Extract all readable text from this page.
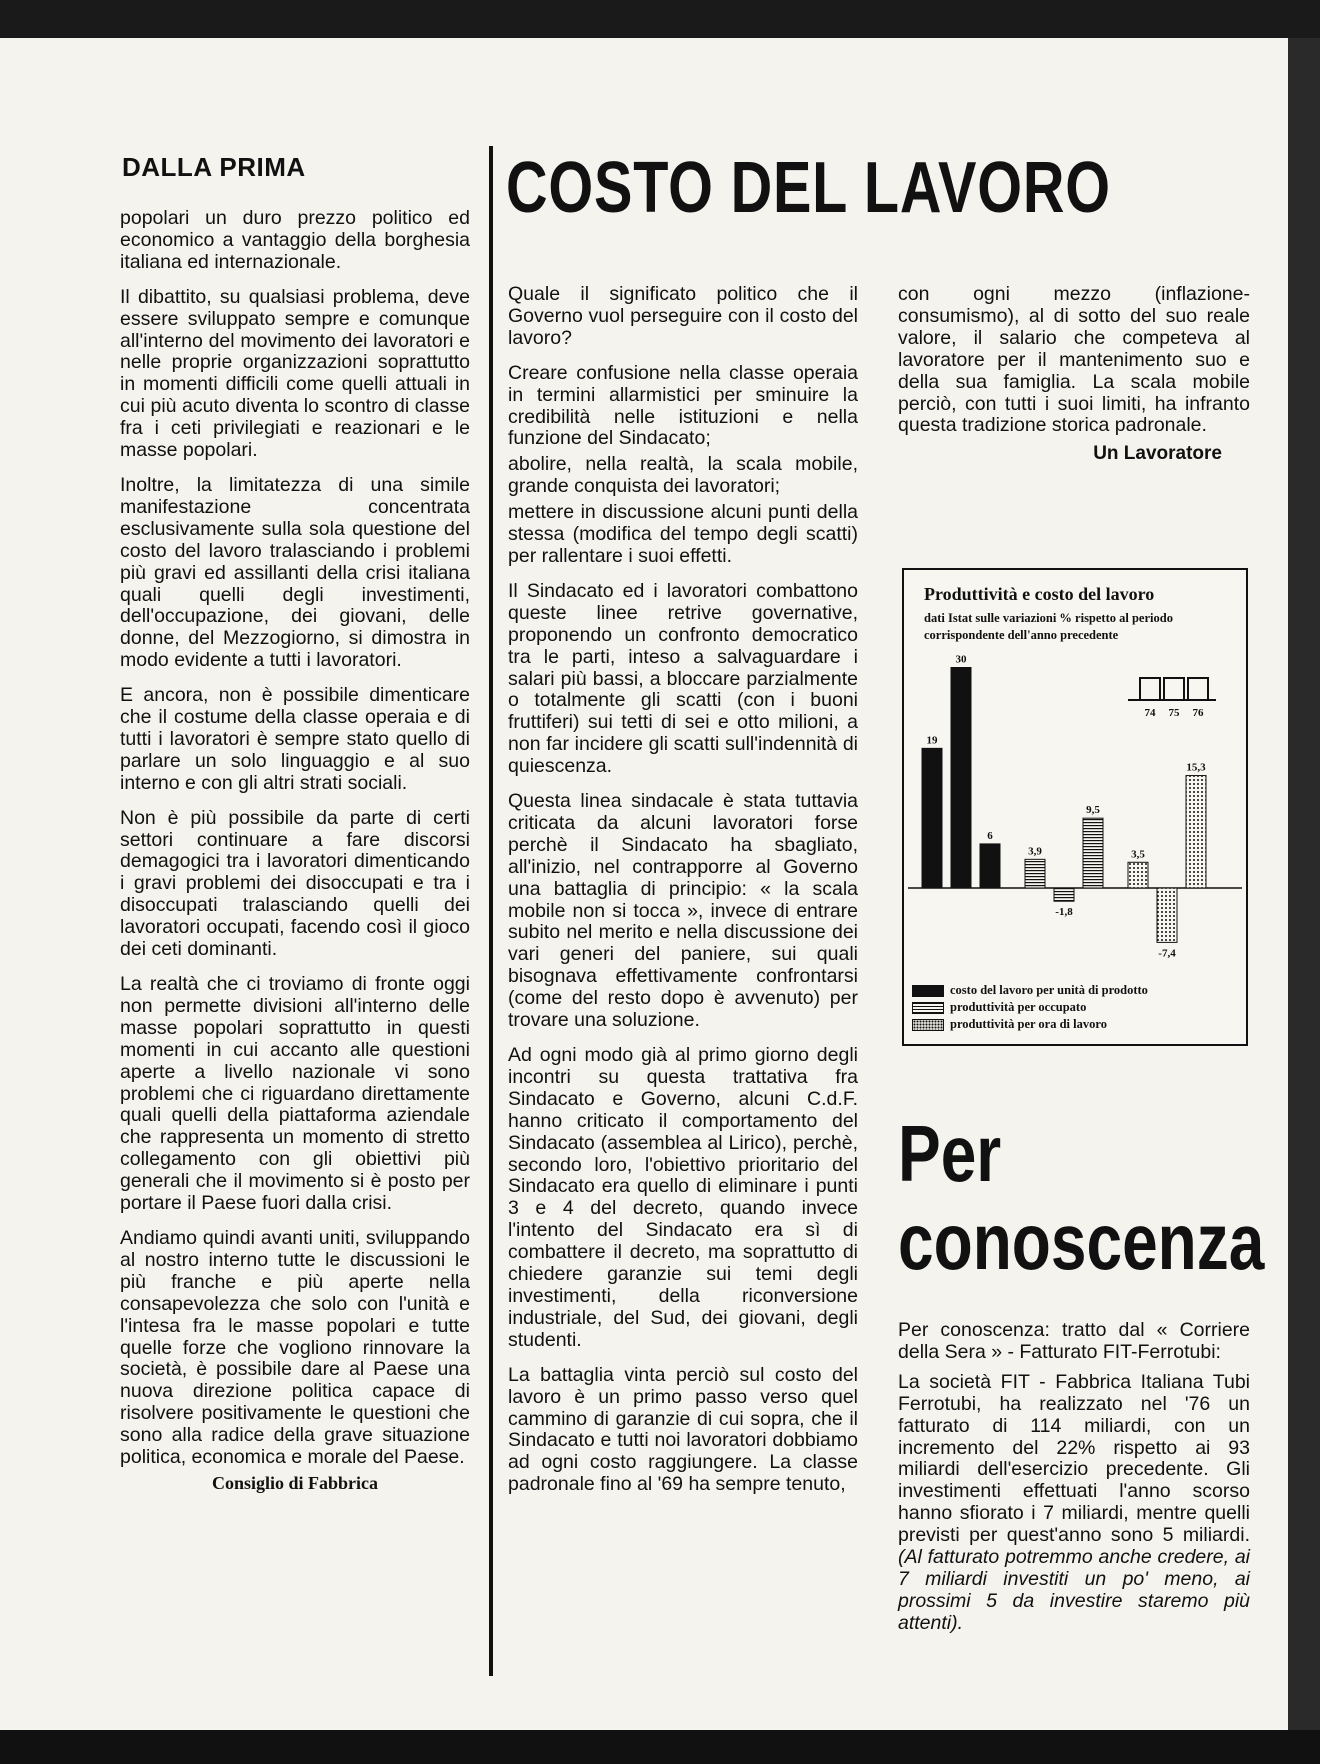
DALLA PRIMA

popolari un duro prezzo politico ed economico a vantaggio della borghesia italiana ed internazionale.

Il dibattito, su qualsiasi problema, deve essere sviluppato sempre e comunque all'interno del movimento dei lavoratori e nelle proprie organizzazioni soprattutto in momenti difficili come quelli attuali in cui più acuto diventa lo scontro di classe fra i ceti privilegiati e reazionari e le masse popolari.

Inoltre, la limitatezza di una simile manifestazione concentrata esclusivamente sulla sola questione del costo del lavoro tralasciando i problemi più gravi ed assillanti della crisi italiana quali quelli degli investimenti, dell'occupazione, dei giovani, delle donne, del Mezzogiorno, si dimostra in modo evidente a tutti i lavoratori.

E ancora, non è possibile dimenticare che il costume della classe operaia e di tutti i lavoratori è sempre stato quello di parlare un solo linguaggio e al suo interno e con gli altri strati sociali.

Non è più possibile da parte di certi settori continuare a fare discorsi demagogici tra i lavoratori dimenticando i gravi problemi dei disoccupati e tra i disoccupati tralasciando quelli dei lavoratori occupati, facendo così il gioco dei ceti dominanti.

La realtà che ci troviamo di fronte oggi non permette divisioni all'interno delle masse popolari soprattutto in questi momenti in cui accanto alle questioni aperte a livello nazionale vi sono problemi che ci riguardano direttamente quali quelli della piattaforma aziendale che rappresenta un momento di stretto collegamento con gli obiettivi più generali che il movimento si è posto per portare il Paese fuori dalla crisi.

Andiamo quindi avanti uniti, sviluppando al nostro interno tutte le discussioni le più franche e più aperte nella consapevolezza che solo con l'unità e l'intesa fra le masse popolari e tutte quelle forze che vogliono rinnovare la società, è possibile dare al Paese una nuova direzione politica capace di risolvere positivamente le questioni che sono alla radice della grave situazione politica, economica e morale del Paese.

Consiglio di Fabbrica
COSTO DEL LAVORO

Quale il significato politico che il Governo vuol perseguire con il costo del lavoro?

Creare confusione nella classe operaia in termini allarmistici per sminuire la credibilità nelle istituzioni e nella funzione del Sindacato;

abolire, nella realtà, la scala mobile, grande conquista dei lavoratori;

mettere in discussione alcuni punti della stessa (modifica del tempo degli scatti) per rallentare i suoi effetti.

Il Sindacato ed i lavoratori combattono queste linee retrive governative, proponendo un confronto democratico tra le parti, inteso a salvaguardare i salari più bassi, a bloccare parzialmente o totalmente gli scatti (con i buoni fruttiferi) sui tetti di sei e otto milioni, a non far incidere gli scatti sull'indennità di quiescenza.

Questa linea sindacale è stata tuttavia criticata da alcuni lavoratori forse perchè il Sindacato ha sbagliato, all'inizio, nel contrapporre al Governo una battaglia di principio: « la scala mobile non si tocca », invece di entrare subito nel merito e nella discussione dei vari generi del paniere, sui quali bisognava effettivamente confrontarsi (come del resto dopo è avvenuto) per trovare una soluzione.

Ad ogni modo già al primo giorno degli incontri su questa trattativa fra Sindacato e Governo, alcuni C.d.F. hanno criticato il comportamento del Sindacato (assemblea al Lirico), perchè, secondo loro, l'obiettivo prioritario del Sindacato era quello di eliminare i punti 3 e 4 del decreto, quando invece l'intento del Sindacato era sì di combattere il decreto, ma soprattutto di chiedere garanzie sui temi degli investimenti, della riconversione industriale, del Sud, dei giovani, degli studenti.

La battaglia vinta perciò sul costo del lavoro è un primo passo verso quel cammino di garanzie di cui sopra, che il Sindacato e tutti noi lavoratori dobbiamo ad ogni costo raggiungere. La classe padronale fino al '69 ha sempre tenuto,

con ogni mezzo (inflazione-consumismo), al di sotto del suo reale valore, il salario che competeva al lavoratore per il mantenimento suo e della sua famiglia. La scala mobile perciò, con tutti i suoi limiti, ha infranto questa tradizione storica padronale.

Un Lavoratore
Produttività e costo del lavoro
dati Istat sulle variazioni % rispetto al periodo corrispondente dell'anno precedente
19
30
6
3,9
-1,8
9,5
3,5
-7,4
15,3
74 75 76
costo del lavoro per unità di prodotto
produttività per occupato
produttività per ora di lavoro
Per
conoscenza

Per conoscenza: tratto dal « Corriere della Sera » - Fatturato FIT-Ferrotubi:

La società FIT - Fabbrica Italiana Tubi Ferrotubi, ha realizzato nel '76 un fatturato di 114 miliardi, con un incremento del 22% rispetto ai 93 miliardi dell'esercizio precedente. Gli investimenti effettuati l'anno scorso hanno sfiorato i 7 miliardi, mentre quelli previsti per quest'anno sono 5 miliardi. (Al fatturato potremmo anche credere, ai 7 miliardi investiti un po' meno, ai prossimi 5 da investire staremo più attenti).
